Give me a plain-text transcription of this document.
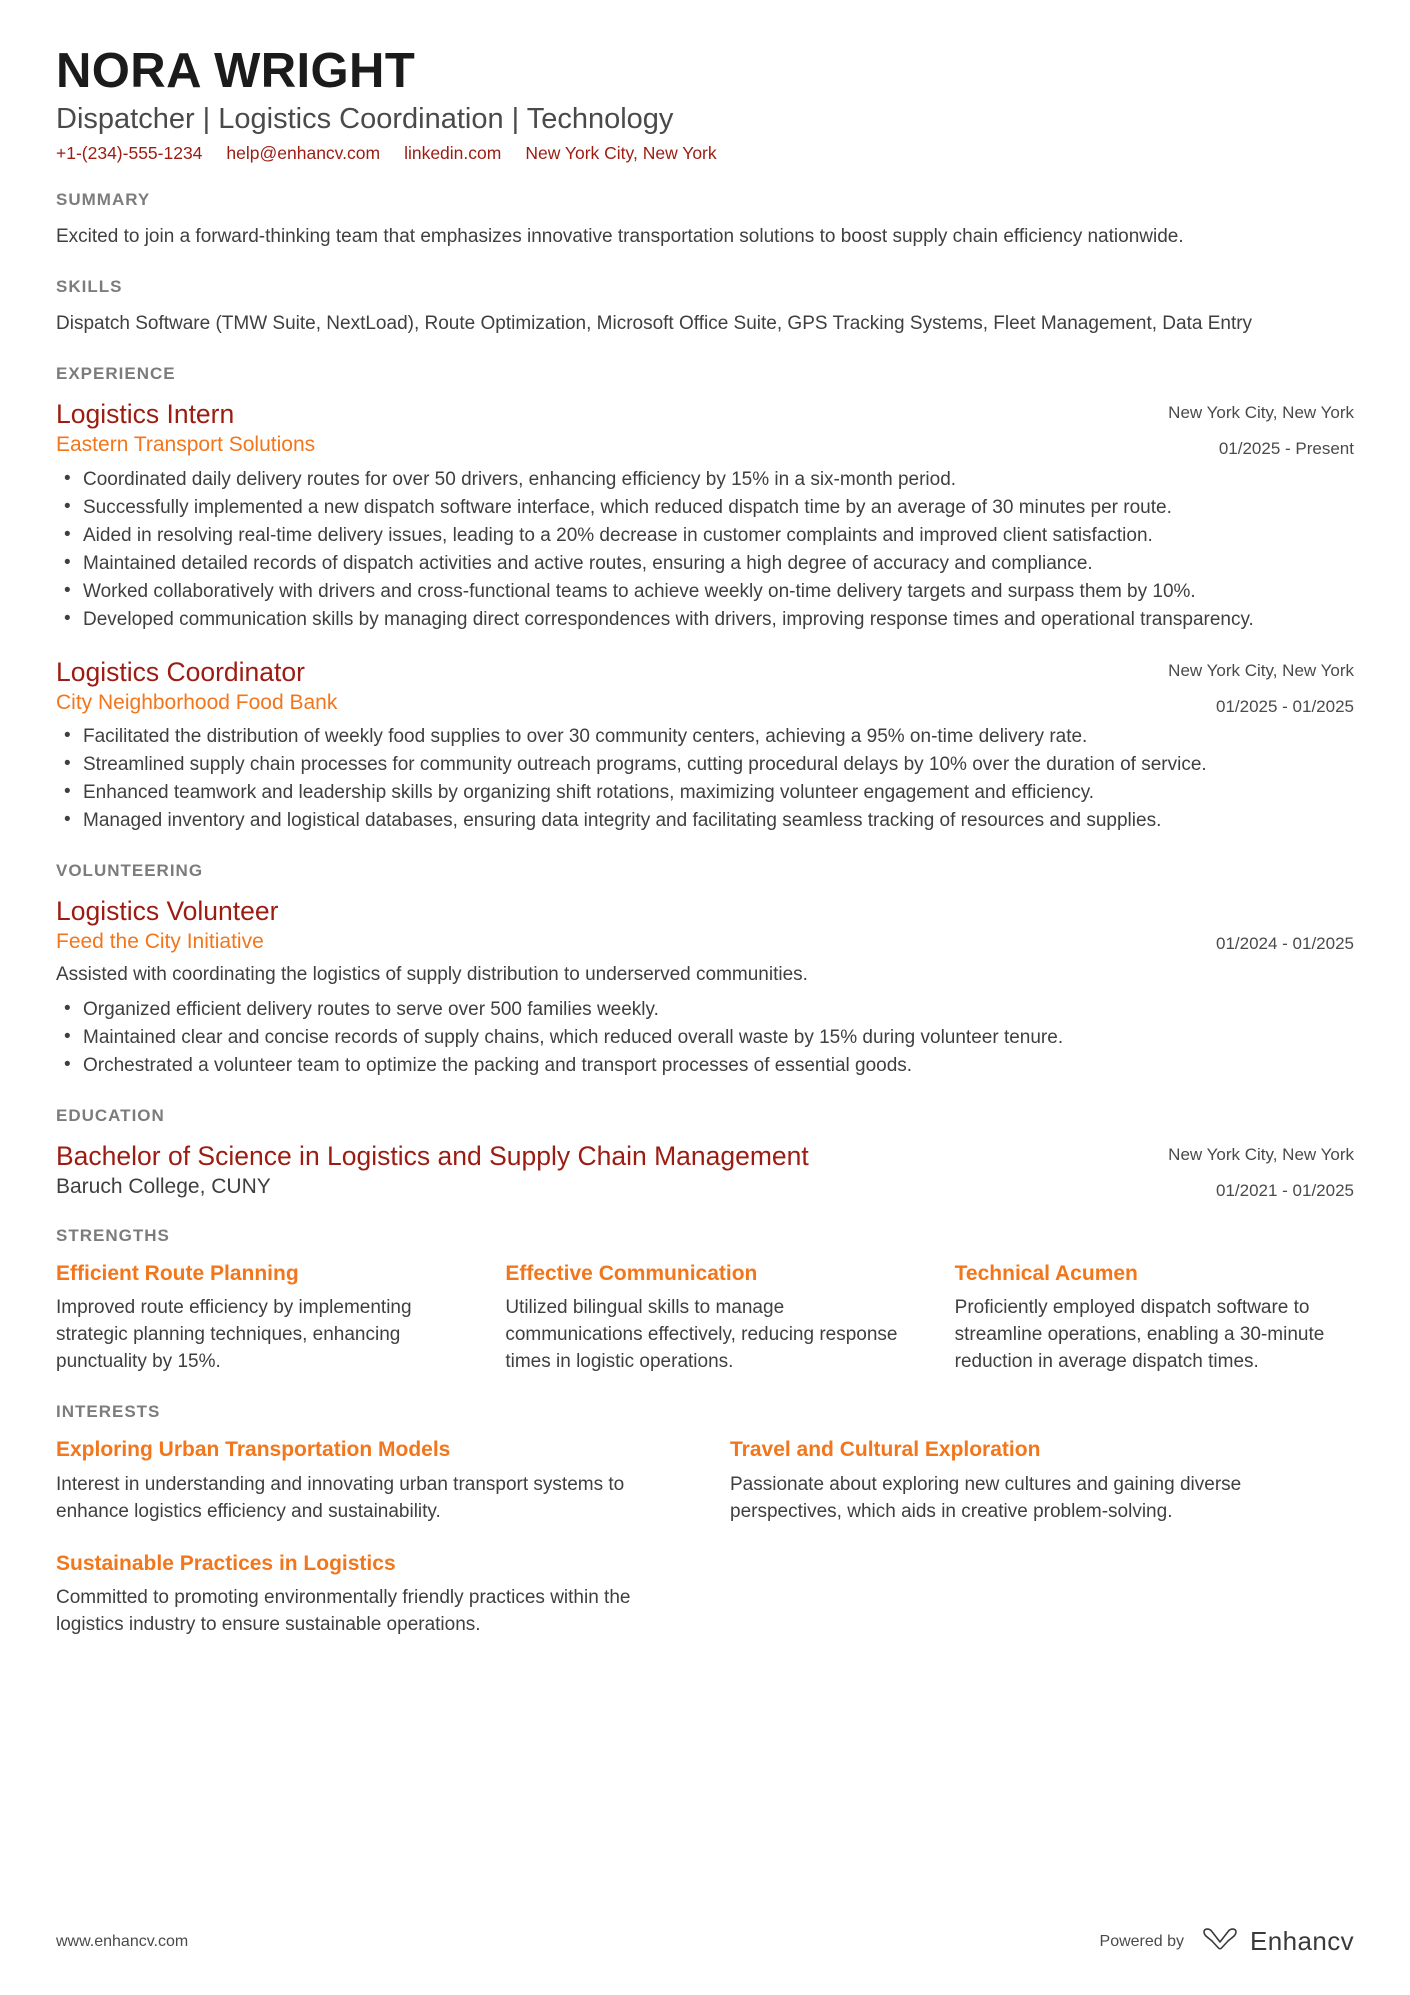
NORA WRIGHT
Dispatcher | Logistics Coordination | Technology
+1-(234)-555-1234 help@enhancv.com linkedin.com New York City, New York
SUMMARY

Excited to join a forward-thinking team that emphasizes innovative transportation solutions to boost supply chain efficiency nationwide.

SKILLS

Dispatch Software (TMW Suite, NextLoad), Route Optimization, Microsoft Office Suite, GPS Tracking Systems, Fleet Management, Data Entry

EXPERIENCE
Logistics Intern
Eastern Transport Solutions
New York City, New York
01/2025 - Present
• Coordinated daily delivery routes for over 50 drivers, enhancing efficiency by 15% in a six-month period.
• Successfully implemented a new dispatch software interface, which reduced dispatch time by an average of 30 minutes per route.
• Aided in resolving real-time delivery issues, leading to a 20% decrease in customer complaints and improved client satisfaction.
• Maintained detailed records of dispatch activities and active routes, ensuring a high degree of accuracy and compliance.
• Worked collaboratively with drivers and cross-functional teams to achieve weekly on-time delivery targets and surpass them by 10%.
• Developed communication skills by managing direct correspondences with drivers, improving response times and operational transparency.
Logistics Coordinator
City Neighborhood Food Bank
New York City, New York
01/2025 - 01/2025
• Facilitated the distribution of weekly food supplies to over 30 community centers, achieving a 95% on-time delivery rate.
• Streamlined supply chain processes for community outreach programs, cutting procedural delays by 10% over the duration of service.
• Enhanced teamwork and leadership skills by organizing shift rotations, maximizing volunteer engagement and efficiency.
• Managed inventory and logistical databases, ensuring data integrity and facilitating seamless tracking of resources and supplies.
VOLUNTEERING
Logistics Volunteer
Feed the City Initiative	01/2024 - 01/2025

Assisted with coordinating the logistics of supply distribution to underserved communities.

• Organized efficient delivery routes to serve over 500 families weekly.
• Maintained clear and concise records of supply chains, which reduced overall waste by 15% during volunteer tenure.
• Orchestrated a volunteer team to optimize the packing and transport processes of essential goods.
EDUCATION
Bachelor of Science in Logistics and Supply Chain Management
Baruch College, CUNY
New York City, New York
01/2021 - 01/2025
STRENGTHS
Efficient Route Planning
Improved route efficiency by implementing strategic planning techniques, enhancing punctuality by 15%.
Effective Communication
Utilized bilingual skills to manage communications effectively, reducing response times in logistic operations.
Technical Acumen
Proficiently employed dispatch software to streamline operations, enabling a 30-minute reduction in average dispatch times.
INTERESTS
Exploring Urban Transportation Models
Interest in understanding and innovating urban transport systems to enhance logistics efficiency and sustainability.
Travel and Cultural Exploration
Passionate about exploring new cultures and gaining diverse perspectives, which aids in creative problem-solving.
Sustainable Practices in Logistics
Committed to promoting environmentally friendly practices within the logistics industry to ensure sustainable operations.
www.enhancv.com	Powered by	Enhancv
